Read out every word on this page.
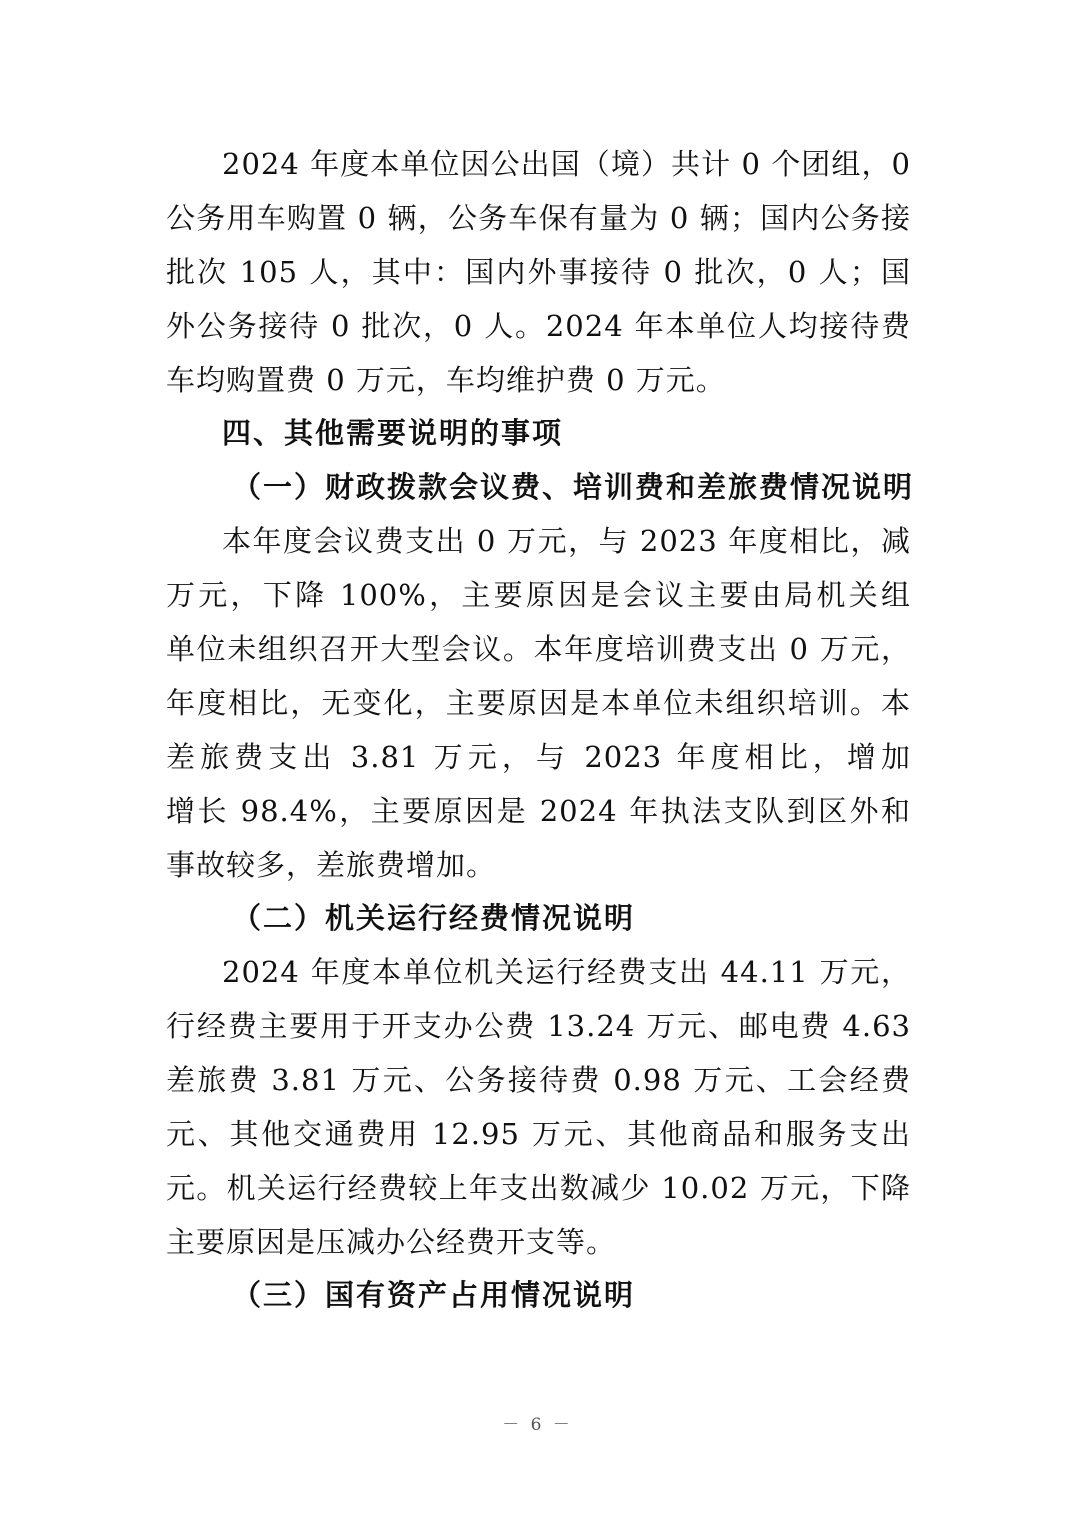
2024 年度本单位因公出国（境）共计 0 个团组，0
公务用车购置 0 辆，公务车保有量为 0 辆；国内公务接
批次 105 人，其中：国内外事接待 0 批次，0 人；国
外公务接待 0 批次，0 人。2024 年本单位人均接待费
车均购置费 0 万元，车均维护费 0 万元。
四、其他需要说明的事项
（一）财政拨款会议费、培训费和差旅费情况说明
本年度会议费支出 0 万元，与 2023 年度相比，减
万元，下降 100%，主要原因是会议主要由局机关组
单位未组织召开大型会议。本年度培训费支出 0 万元，
年度相比，无变化，主要原因是本单位未组织培训。本
差旅费支出 3.81 万元，与 2023 年度相比，增加
增长 98.4%，主要原因是 2024 年执法支队到区外和
事故较多，差旅费增加。
（二）机关运行经费情况说明
2024 年度本单位机关运行经费支出 44.11 万元，
行经费主要用于开支办公费 13.24 万元、邮电费 4.63
差旅费 3.81 万元、公务接待费 0.98 万元、工会经费
元、其他交通费用 12.95 万元、其他商品和服务支出
元。机关运行经费较上年支出数减少 10.02 万元，下降
主要原因是压减办公经费开支等。
（三）国有资产占用情况说明
－ 6 －
